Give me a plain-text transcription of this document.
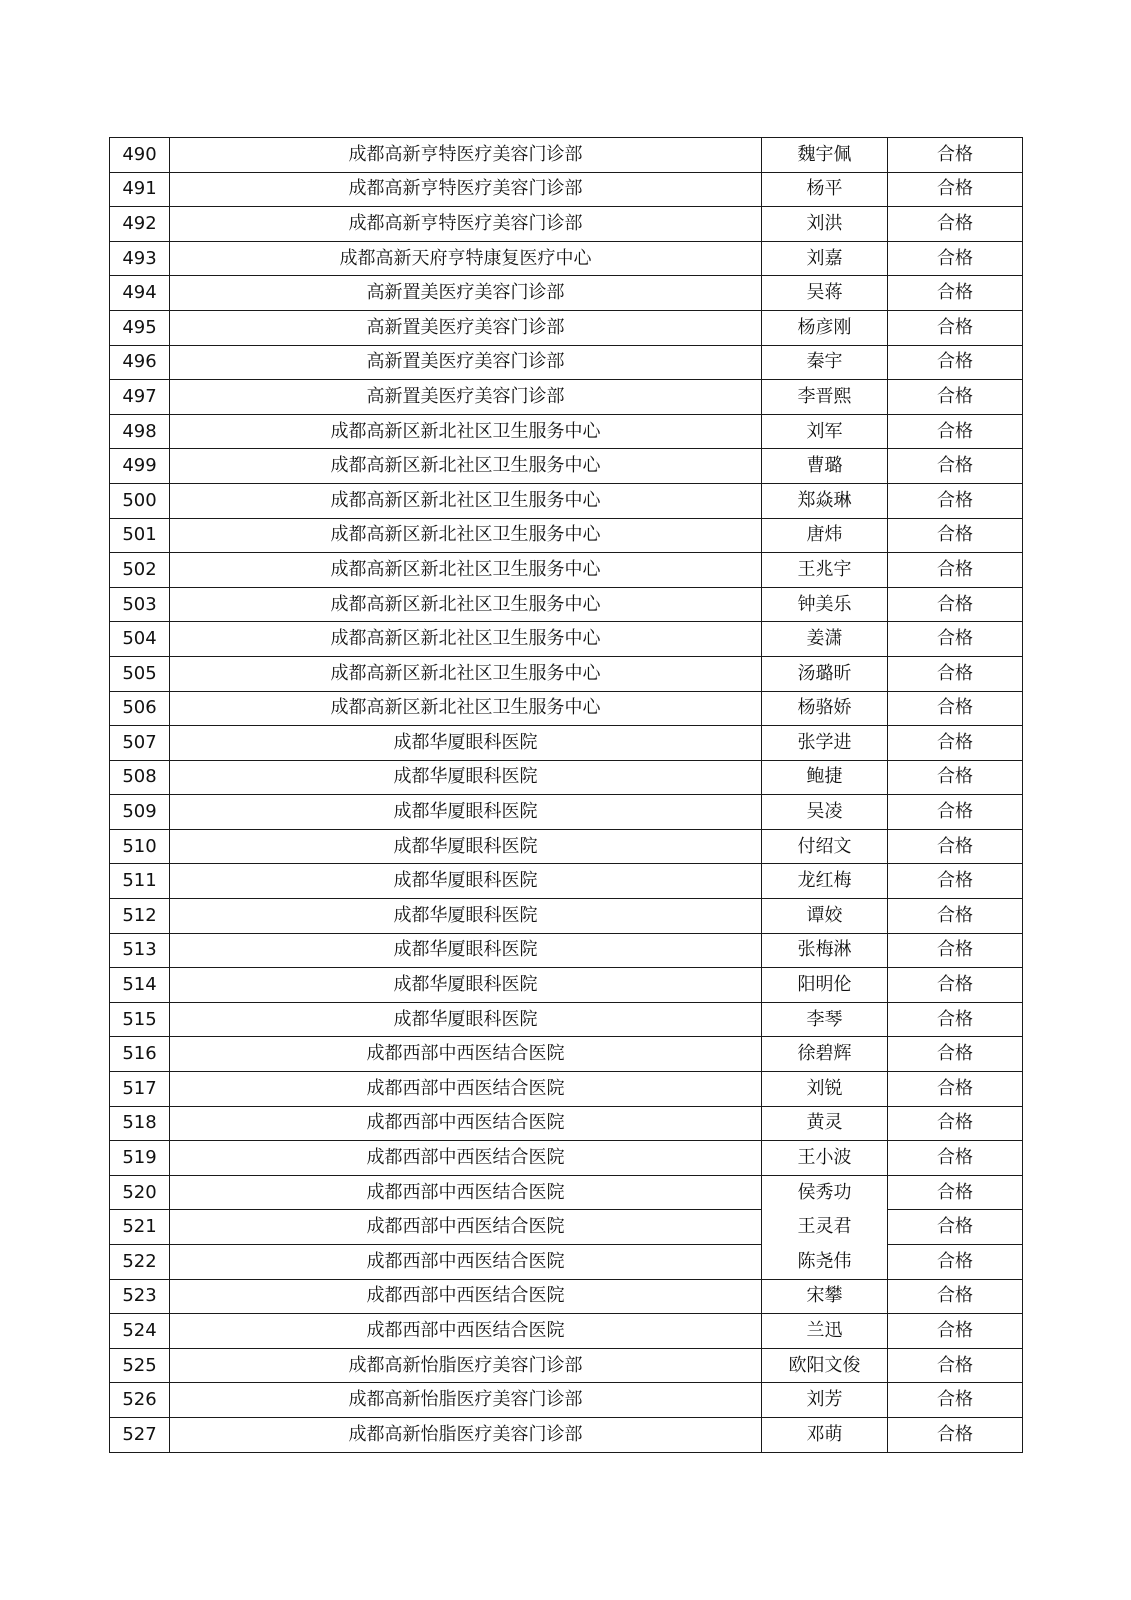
490	成都高新亨特医疗美容门诊部	魏宇佩	合格
491	成都高新亨特医疗美容门诊部	杨平	合格
492	成都高新亨特医疗美容门诊部	刘洪	合格
493	成都高新天府亨特康复医疗中心	刘嘉	合格
494	高新置美医疗美容门诊部	吴蒋	合格
495	高新置美医疗美容门诊部	杨彦刚	合格
496	高新置美医疗美容门诊部	秦宇	合格
497	高新置美医疗美容门诊部	李晋熙	合格
498	成都高新区新北社区卫生服务中心	刘军	合格
499	成都高新区新北社区卫生服务中心	曹璐	合格
500	成都高新区新北社区卫生服务中心	郑焱琳	合格
501	成都高新区新北社区卫生服务中心	唐炜	合格
502	成都高新区新北社区卫生服务中心	王兆宇	合格
503	成都高新区新北社区卫生服务中心	钟美乐	合格
504	成都高新区新北社区卫生服务中心	姜潇	合格
505	成都高新区新北社区卫生服务中心	汤璐昕	合格
506	成都高新区新北社区卫生服务中心	杨骆娇	合格
507	成都华厦眼科医院	张学进	合格
508	成都华厦眼科医院	鲍捷	合格
509	成都华厦眼科医院	吴凌	合格
510	成都华厦眼科医院	付绍文	合格
511	成都华厦眼科医院	龙红梅	合格
512	成都华厦眼科医院	谭姣	合格
513	成都华厦眼科医院	张梅淋	合格
514	成都华厦眼科医院	阳明伦	合格
515	成都华厦眼科医院	李琴	合格
516	成都西部中西医结合医院	徐碧辉	合格
517	成都西部中西医结合医院	刘锐	合格
518	成都西部中西医结合医院	黄灵	合格
519	成都西部中西医结合医院	王小波	合格
520	成都西部中西医结合医院	侯秀功	合格
521	成都西部中西医结合医院	王灵君	合格
522	成都西部中西医结合医院	陈尧伟	合格
523	成都西部中西医结合医院	宋攀	合格
524	成都西部中西医结合医院	兰迅	合格
525	成都高新怡脂医疗美容门诊部	欧阳文俊	合格
526	成都高新怡脂医疗美容门诊部	刘芳	合格
527	成都高新怡脂医疗美容门诊部	邓萌	合格
